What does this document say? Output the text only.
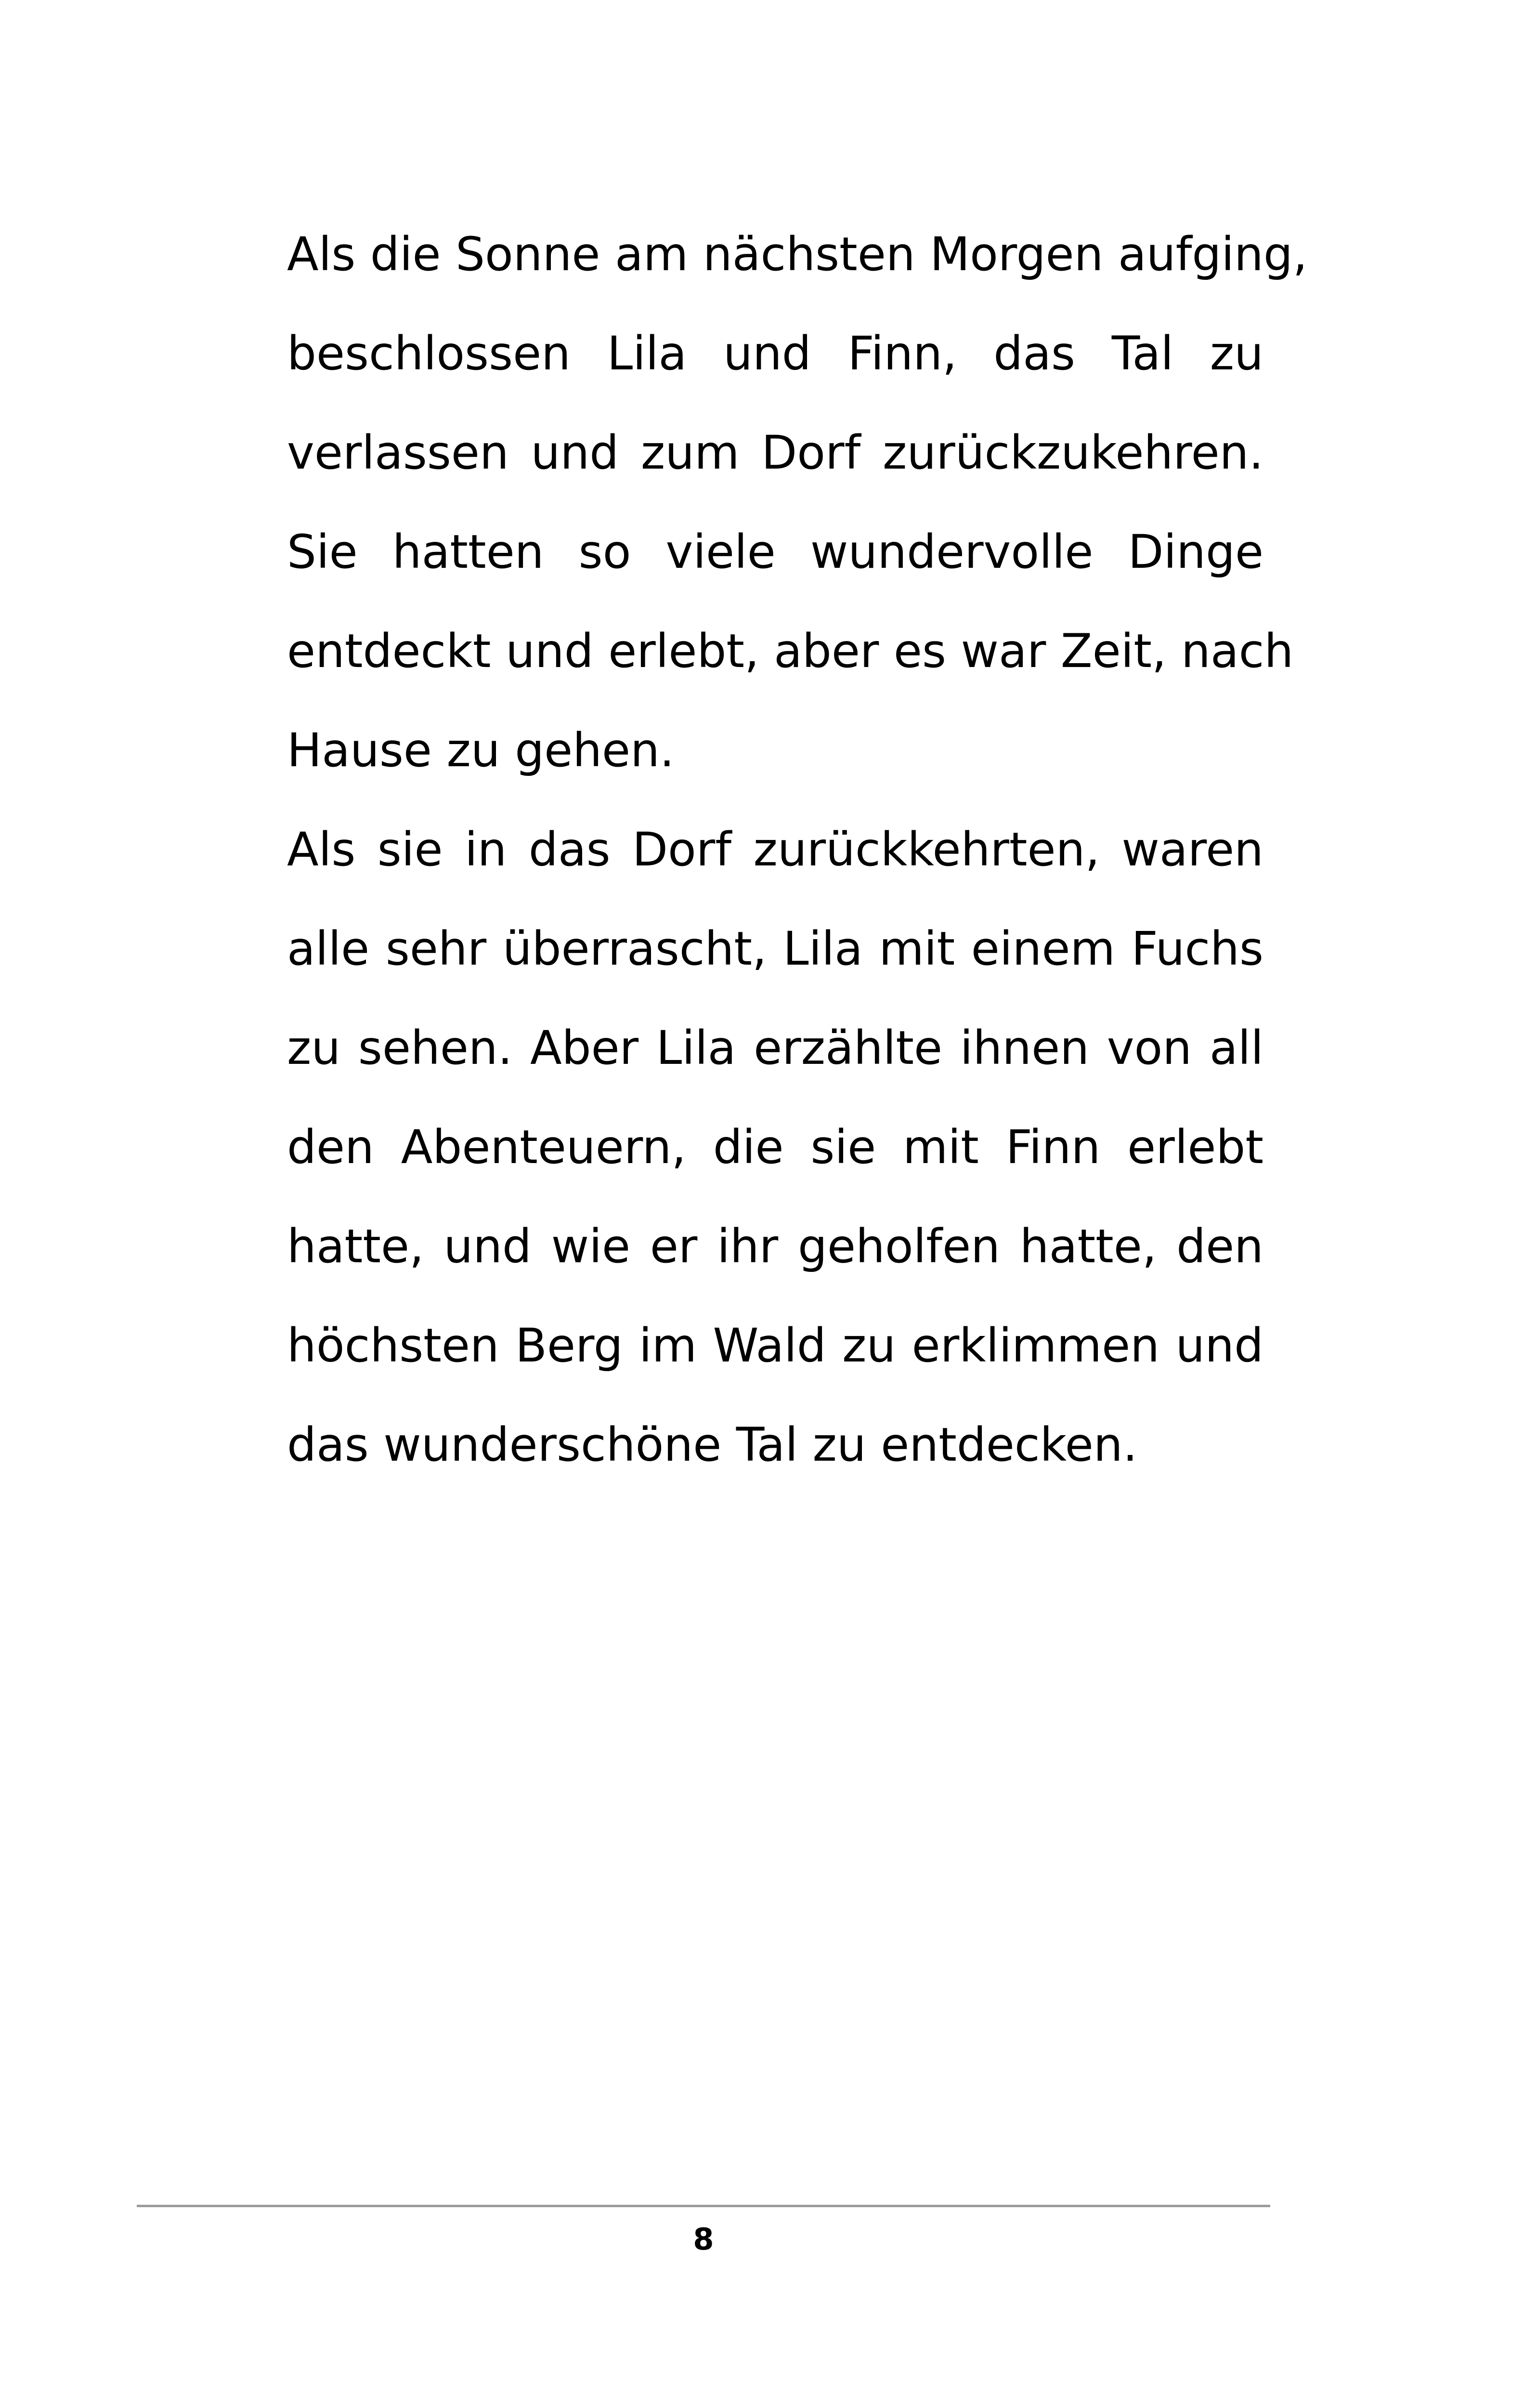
Als die Sonne am nächsten Morgen aufging,
beschlossen Lila und Finn, das Tal zu
verlassen und zum Dorf zurückzukehren.
Sie hatten so viele wundervolle Dinge
entdeckt und erlebt, aber es war Zeit, nach
Hause zu gehen.
Als sie in das Dorf zurückkehrten, waren
alle sehr überrascht, Lila mit einem Fuchs
zu sehen. Aber Lila erzählte ihnen von all
den Abenteuern, die sie mit Finn erlebt
hatte, und wie er ihr geholfen hatte, den
höchsten Berg im Wald zu erklimmen und
das wunderschöne Tal zu entdecken.
8
